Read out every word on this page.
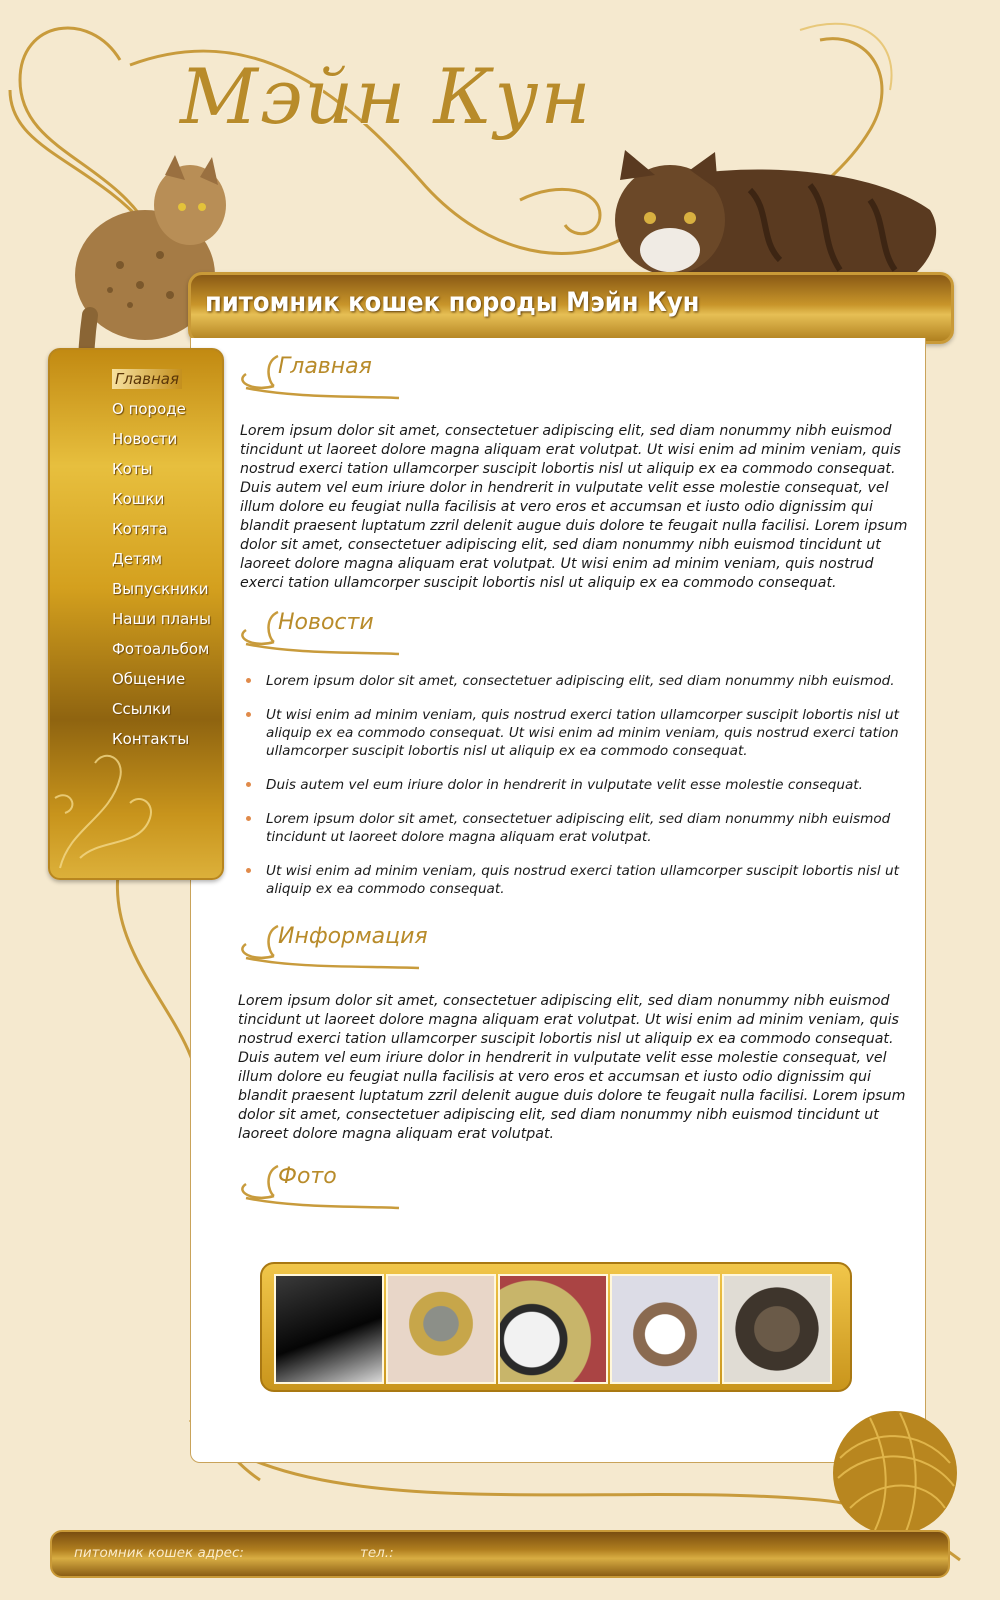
Мэйн Кун
питомник кошек породы Мэйн Кун
Главная
О породе
Новости
Коты
Кошки
Котята
Детям
Выпускники
Наши планы
Фотоальбом
Общение
Ссылки
Контакты
Главная
Lorem ipsum dolor sit amet, consectetuer adipiscing elit, sed diam nonummy nibh euismod tincidunt ut laoreet dolore magna aliquam erat volutpat. Ut wisi enim ad minim veniam, quis nostrud exerci tation ullamcorper suscipit lobortis nisl ut aliquip ex ea commodo consequat. Duis autem vel eum iriure dolor in hendrerit in vulputate velit esse molestie consequat, vel illum dolore eu feugiat nulla facilisis at vero eros et accumsan et iusto odio dignissim qui blandit praesent luptatum zzril delenit augue duis dolore te feugait nulla facilisi. Lorem ipsum dolor sit amet, consectetuer adipiscing elit, sed diam nonummy nibh euismod tincidunt ut laoreet dolore magna aliquam erat volutpat. Ut wisi enim ad minim veniam, quis nostrud exerci tation ullamcorper suscipit lobortis nisl ut aliquip ex ea commodo consequat.
Новости
Lorem ipsum dolor sit amet, consectetuer adipiscing elit, sed diam nonummy nibh euismod.
Ut wisi enim ad minim veniam, quis nostrud exerci tation ullamcorper suscipit lobortis nisl ut aliquip ex ea commodo consequat. Ut wisi enim ad minim veniam, quis nostrud exerci tation ullamcorper suscipit lobortis nisl ut aliquip ex ea commodo consequat.
Duis autem vel eum iriure dolor in hendrerit in vulputate velit esse molestie consequat.
Lorem ipsum dolor sit amet, consectetuer adipiscing elit, sed diam nonummy nibh euismod tincidunt ut laoreet dolore magna aliquam erat volutpat.
Ut wisi enim ad minim veniam, quis nostrud exerci tation ullamcorper suscipit lobortis nisl ut aliquip ex ea commodo consequat.
Информация
Lorem ipsum dolor sit amet, consectetuer adipiscing elit, sed diam nonummy nibh euismod tincidunt ut laoreet dolore magna aliquam erat volutpat. Ut wisi enim ad minim veniam, quis nostrud exerci tation ullamcorper suscipit lobortis nisl ut aliquip ex ea commodo consequat. Duis autem vel eum iriure dolor in hendrerit in vulputate velit esse molestie consequat, vel illum dolore eu feugiat nulla facilisis at vero eros et accumsan et iusto odio dignissim qui blandit praesent luptatum zzril delenit augue duis dolore te feugait nulla facilisi. Lorem ipsum dolor sit amet, consectetuer adipiscing elit, sed diam nonummy nibh euismod tincidunt ut laoreet dolore magna aliquam erat volutpat.
Фото
питомник кошек адрес:	тел.:
